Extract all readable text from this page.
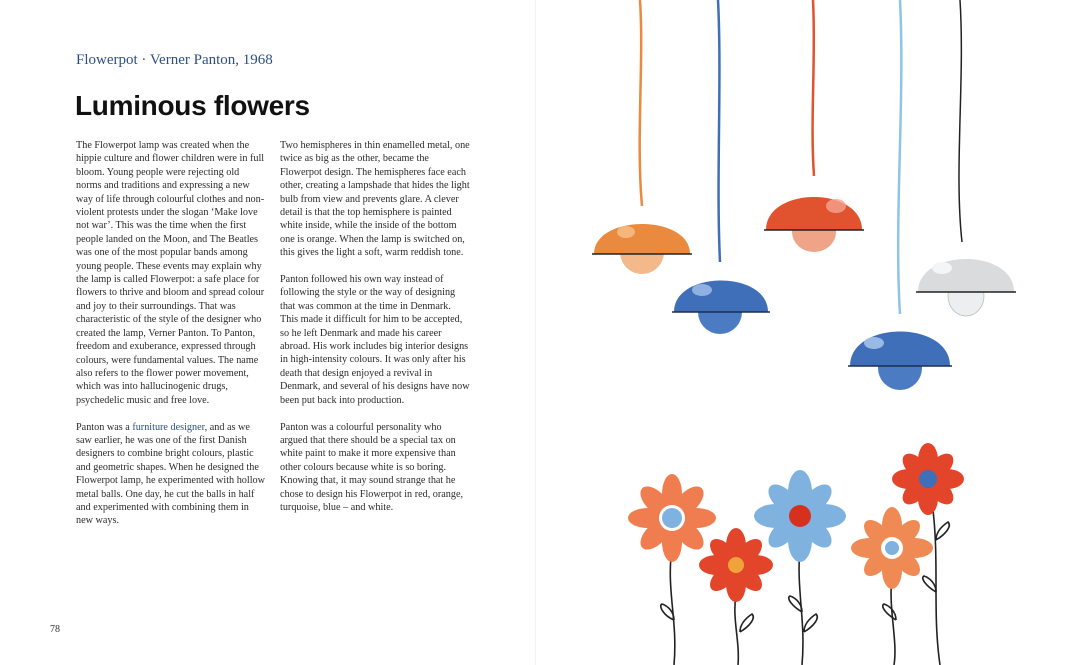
Flowerpot · Verner Panton, 1968
Luminous flowers

The Flowerpot lamp was created when the hippie culture and flower children were in full bloom. Young people were rejecting old norms and traditions and expressing a new way of life through colourful clothes and non-violent protests under the slogan ‘Make love not war’. This was the time when the first people landed on the Moon, and The Beatles was one of the most popular bands among young people. These events may explain why the lamp is called Flowerpot: a safe place for flowers to thrive and bloom and spread colour and joy to their surroundings. That was characteristic of the style of the designer who created the lamp, Verner Panton. To Panton, freedom and exuberance, expressed through colours, were fundamental values. The name also refers to the flower power movement, which was into hallucinogenic drugs, psychedelic music and free love.

Panton was a furniture designer, and as we saw earlier, he was one of the first Danish designers to combine bright colours, plastic and geometric shapes. When he designed the Flowerpot lamp, he experimented with hollow metal balls. One day, he cut the balls in half and experimented with combining them in new ways.

Two hemispheres in thin enamelled metal, one twice as big as the other, became the Flowerpot design. The hemispheres face each other, creating a lampshade that hides the light bulb from view and prevents glare. A clever detail is that the top hemisphere is painted white inside, while the inside of the bottom one is orange. When the lamp is switched on, this gives the light a soft, warm reddish tone.

Panton followed his own way instead of following the style or the way of designing that was common at the time in Denmark. This made it difficult for him to be accepted, so he left Denmark and made his career abroad. His work includes big interior designs in high-intensity colours. It was only after his death that design enjoyed a revival in Denmark, and several of his designs have now been put back into production.

Panton was a colourful personality who argued that there should be a special tax on white paint to make it more expensive than other colours because white is so boring. Knowing that, it may sound strange that he chose to design his Flowerpot in red, orange, turquoise, blue – and white.

78
